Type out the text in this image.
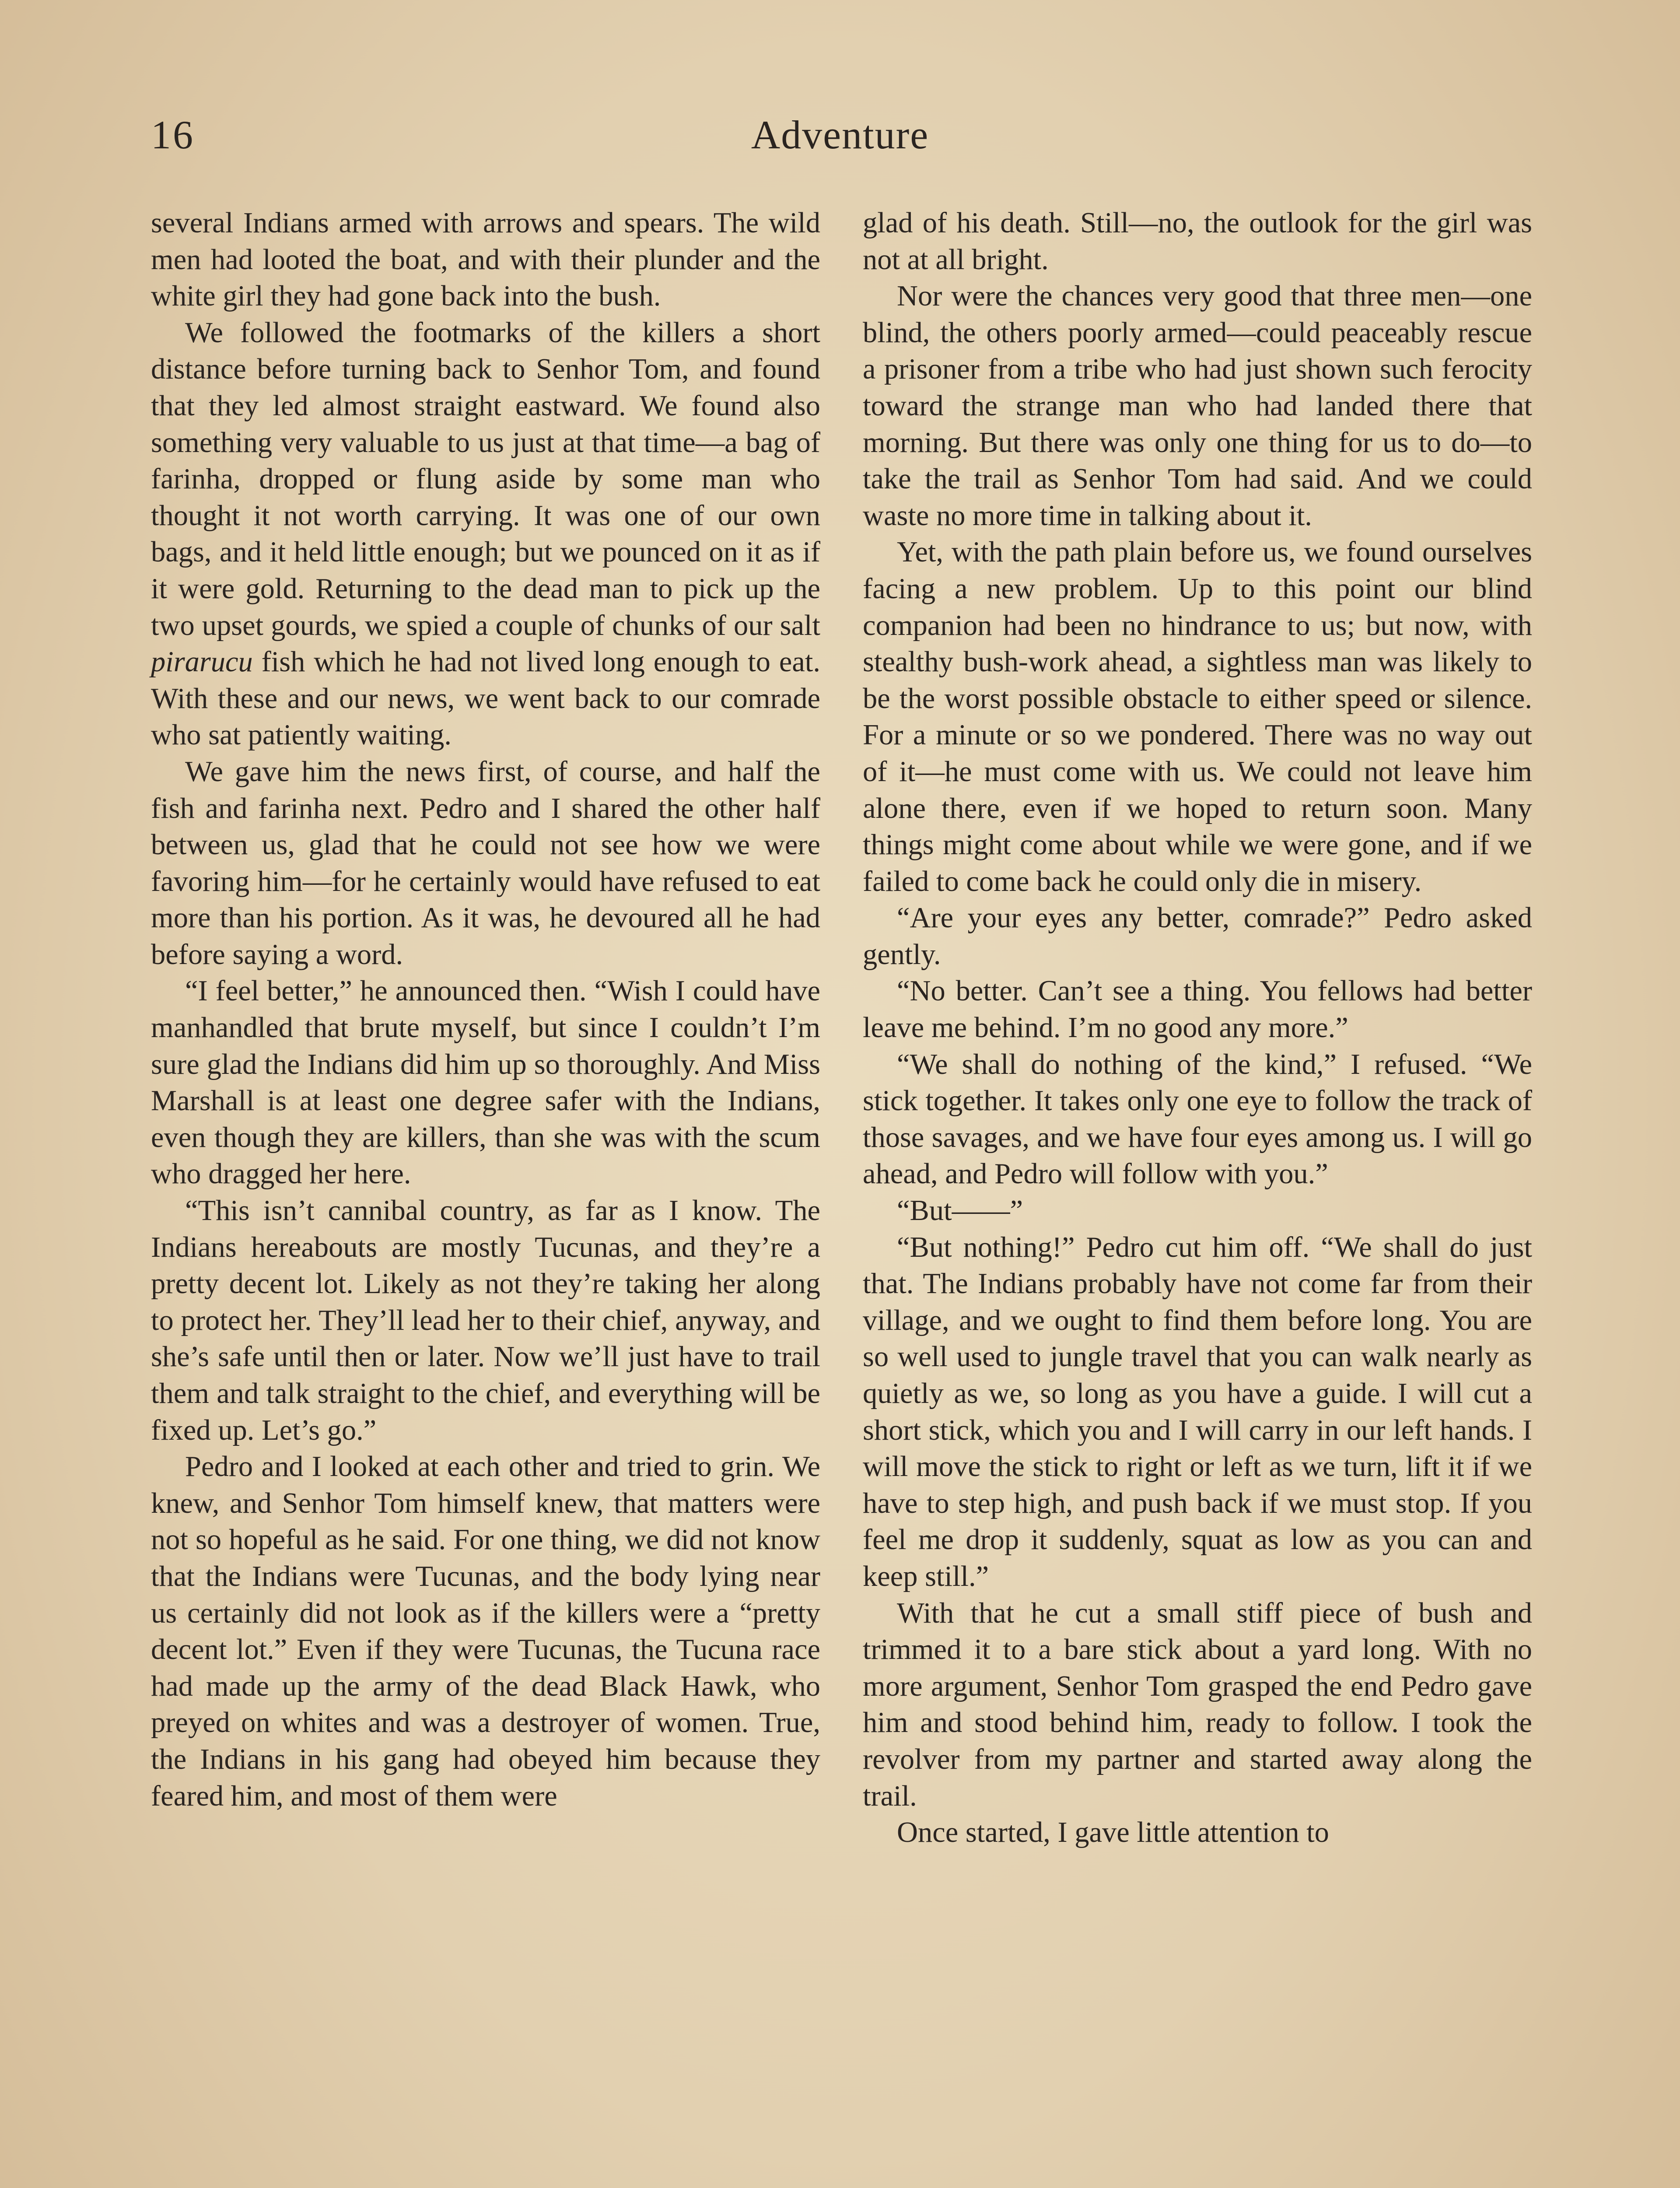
16	Adventure

several Indians armed with arrows and spears. The wild men had looted the boat, and with their plunder and the white girl they had gone back into the bush.

We followed the footmarks of the killers a short distance before turning back to Senhor Tom, and found that they led almost straight eastward. We found also something very valuable to us just at that time—a bag of farinha, dropped or flung aside by some man who thought it not worth carrying. It was one of our own bags, and it held little enough; but we pounced on it as if it were gold. Returning to the dead man to pick up the two upset gourds, we spied a couple of chunks of our salt pirarucu fish which he had not lived long enough to eat. With these and our news, we went back to our comrade who sat patiently waiting.

We gave him the news first, of course, and half the fish and farinha next. Pedro and I shared the other half between us, glad that he could not see how we were favoring him—for he certainly would have refused to eat more than his portion. As it was, he devoured all he had before saying a word.

“I feel better,” he announced then. “Wish I could have manhandled that brute myself, but since I couldn’t I’m sure glad the Indians did him up so thoroughly. And Miss Marshall is at least one degree safer with the Indians, even though they are killers, than she was with the scum who dragged her here.

“This isn’t cannibal country, as far as I know. The Indians hereabouts are mostly Tucunas, and they’re a pretty decent lot. Likely as not they’re taking her along to protect her. They’ll lead her to their chief, anyway, and she’s safe until then or later. Now we’ll just have to trail them and talk straight to the chief, and everything will be fixed up. Let’s go.”

Pedro and I looked at each other and tried to grin. We knew, and Senhor Tom himself knew, that matters were not so hopeful as he said. For one thing, we did not know that the Indians were Tucunas, and the body lying near us certainly did not look as if the killers were a “pretty decent lot.” Even if they were Tucunas, the Tucuna race had made up the army of the dead Black Hawk, who preyed on whites and was a destroyer of women. True, the Indians in his gang had obeyed him because they feared him, and most of them were

glad of his death. Still—no, the outlook for the girl was not at all bright.

Nor were the chances very good that three men—one blind, the others poorly armed—could peaceably rescue a prisoner from a tribe who had just shown such ferocity toward the strange man who had landed there that morning. But there was only one thing for us to do—to take the trail as Senhor Tom had said. And we could waste no more time in talking about it.

Yet, with the path plain before us, we found ourselves facing a new problem. Up to this point our blind companion had been no hindrance to us; but now, with stealthy bush-work ahead, a sightless man was likely to be the worst possible obstacle to either speed or silence. For a minute or so we pondered. There was no way out of it—he must come with us. We could not leave him alone there, even if we hoped to return soon. Many things might come about while we were gone, and if we failed to come back he could only die in misery.

“Are your eyes any better, comrade?” Pedro asked gently.

“No better. Can’t see a thing. You fellows had better leave me behind. I’m no good any more.”

“We shall do nothing of the kind,” I refused. “We stick together. It takes only one eye to follow the track of those savages, and we have four eyes among us. I will go ahead, and Pedro will follow with you.”

“But——”

“But nothing!” Pedro cut him off. “We shall do just that. The Indians probably have not come far from their village, and we ought to find them before long. You are so well used to jungle travel that you can walk nearly as quietly as we, so long as you have a guide. I will cut a short stick, which you and I will carry in our left hands. I will move the stick to right or left as we turn, lift it if we have to step high, and push back if we must stop. If you feel me drop it suddenly, squat as low as you can and keep still.”

With that he cut a small stiff piece of bush and trimmed it to a bare stick about a yard long. With no more argument, Senhor Tom grasped the end Pedro gave him and stood behind him, ready to follow. I took the revolver from my partner and started away along the trail.

Once started, I gave little attention to
